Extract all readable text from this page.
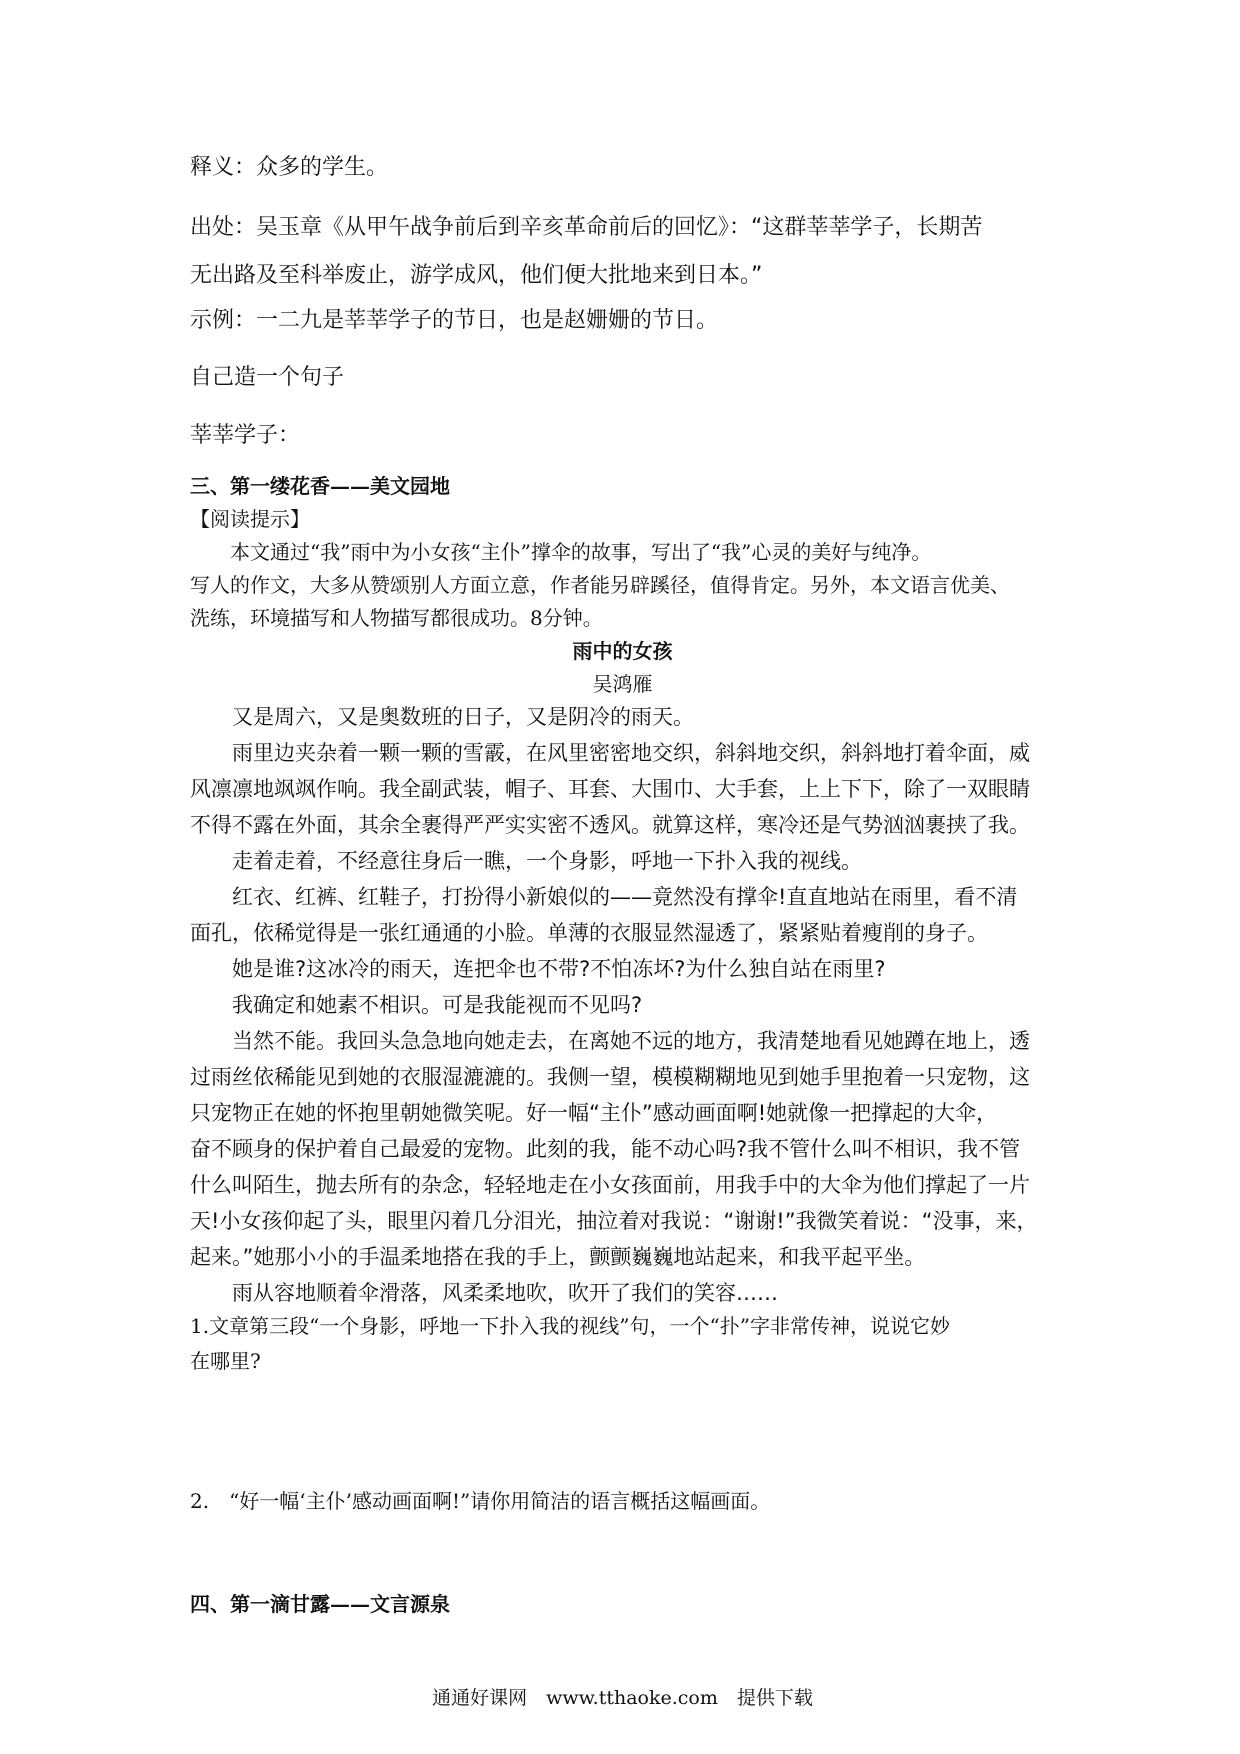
释义：众多的学生。
出处：吴玉章《从甲午战争前后到辛亥革命前后的回忆》：“这群莘莘学子，长期苦
无出路及至科举废止，游学成风，他们便大批地来到日本。”
示例：一二九是莘莘学子的节日，也是赵姗姗的节日。
自己造一个句子
莘莘学子：
三、第一缕花香——美文园地
【阅读提示】
本文通过“我”雨中为小女孩“主仆”撑伞的故事，写出了“我”心灵的美好与纯净。
写人的作文，大多从赞颂别人方面立意，作者能另辟蹊径，值得肯定。另外，本文语言优美、
洗练，环境描写和人物描写都很成功。8分钟。
雨中的女孩
吴鸿雁
又是周六，又是奥数班的日子，又是阴冷的雨天。
雨里边夹杂着一颗一颗的雪霰，在风里密密地交织，斜斜地交织，斜斜地打着伞面，威
风凛凛地飒飒作响。我全副武装，帽子、耳套、大围巾、大手套，上上下下，除了一双眼睛
不得不露在外面，其余全裹得严严实实密不透风。就算这样，寒冷还是气势汹汹裹挟了我。
走着走着，不经意往身后一瞧，一个身影，呼地一下扑入我的视线。
红衣、红裤、红鞋子，打扮得小新娘似的——竟然没有撑伞!直直地站在雨里，看不清
面孔，依稀觉得是一张红通通的小脸。单薄的衣服显然湿透了，紧紧贴着瘦削的身子。
她是谁?这冰冷的雨天，连把伞也不带?不怕冻坏?为什么独自站在雨里?
我确定和她素不相识。可是我能视而不见吗?
当然不能。我回头急急地向她走去，在离她不远的地方，我清楚地看见她蹲在地上，透
过雨丝依稀能见到她的衣服湿漉漉的。我侧一望，模模糊糊地见到她手里抱着一只宠物，这
只宠物正在她的怀抱里朝她微笑呢。好一幅“主仆”感动画面啊!她就像一把撑起的大伞，
奋不顾身的保护着自己最爱的宠物。此刻的我，能不动心吗?我不管什么叫不相识，我不管
什么叫陌生，抛去所有的杂念，轻轻地走在小女孩面前，用我手中的大伞为他们撑起了一片
天!小女孩仰起了头，眼里闪着几分泪光，抽泣着对我说：“谢谢!”我微笑着说：“没事，来，
起来。”她那小小的手温柔地搭在我的手上，颤颤巍巍地站起来，和我平起平坐。
雨从容地顺着伞滑落，风柔柔地吹，吹开了我们的笑容……
1.文章第三段“一个身影，呼地一下扑入我的视线”句，一个“扑”字非常传神，说说它妙
在哪里?
2.　“好一幅‘主仆’感动画面啊!”请你用简洁的语言概括这幅画面。
四、第一滴甘露——文言源泉
通通好课网　www.tthaoke.com　提供下载
